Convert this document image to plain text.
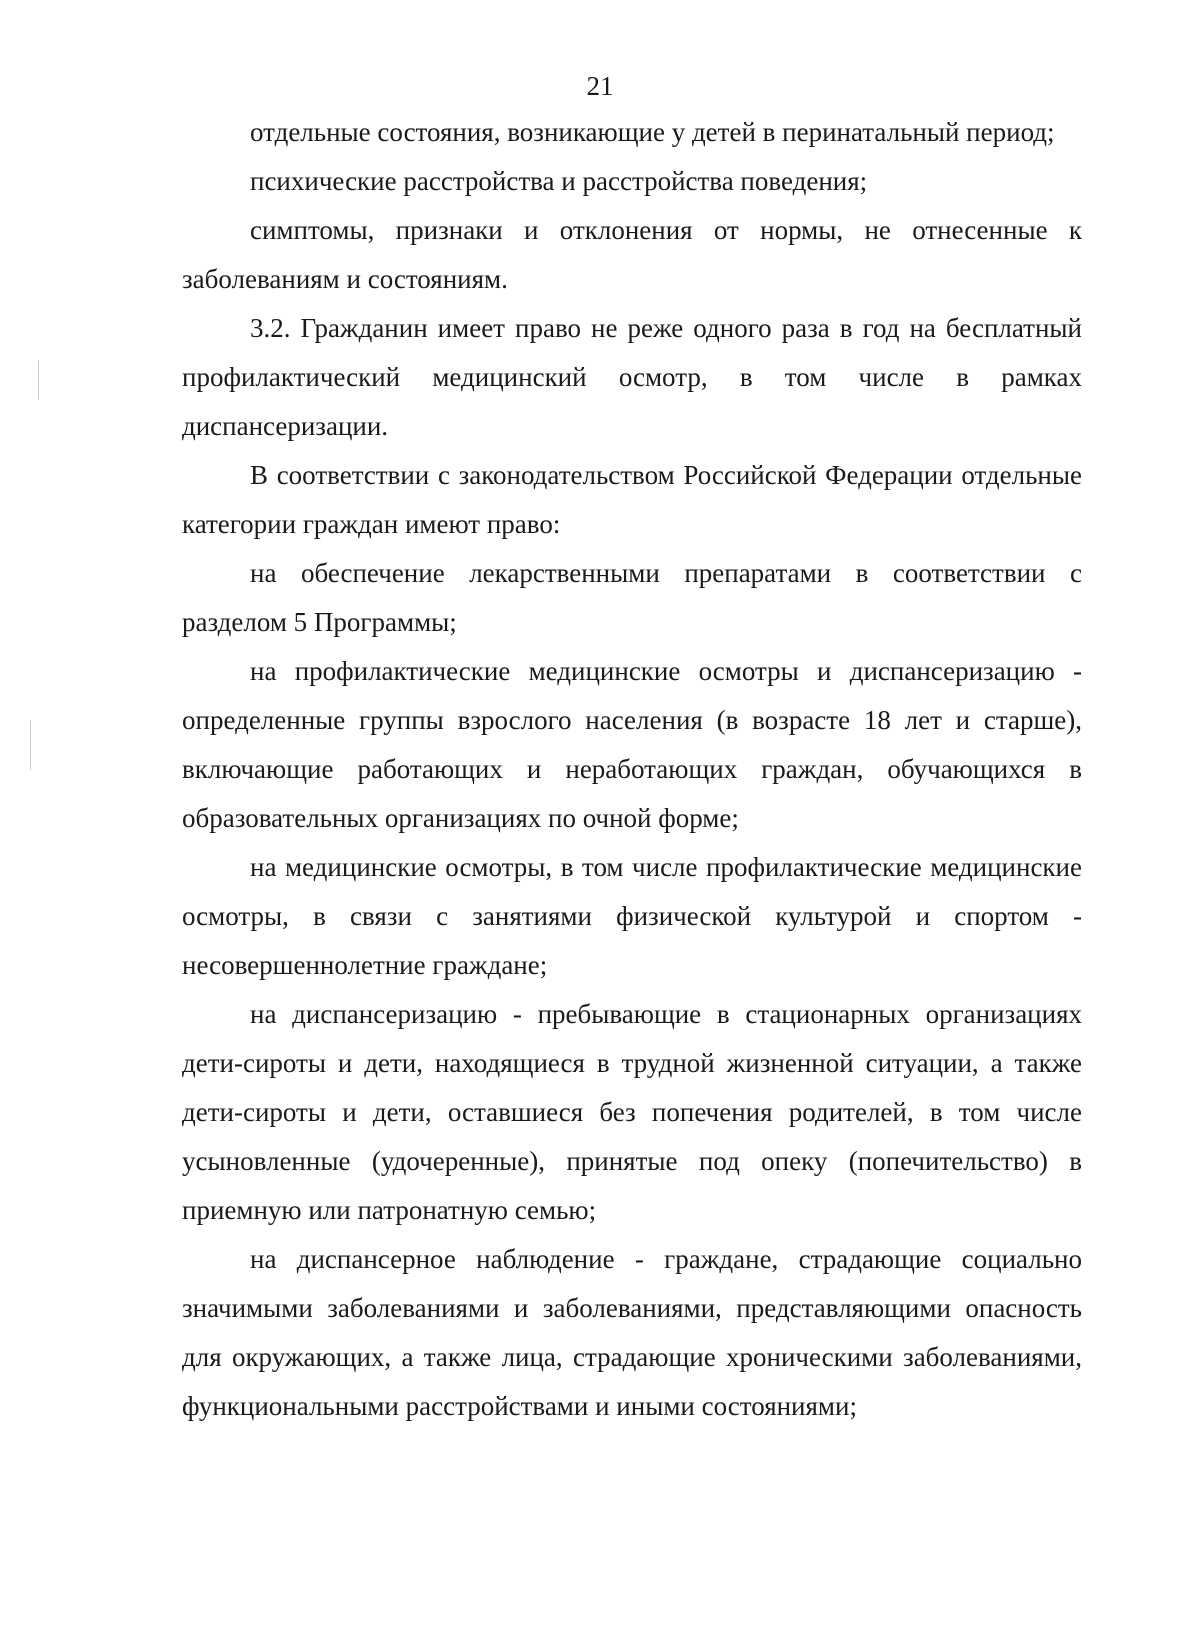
21

отдельные состояния, возникающие у детей в перинатальный период;

психические расстройства и расстройства поведения;

симптомы, признаки и отклонения от нормы, не отнесенные к заболеваниям и состояниям.

3.2. Гражданин имеет право не реже одного раза в год на бесплатный профилактический медицинский осмотр, в том числе в рамках диспансеризации.

В соответствии с законодательством Российской Федерации отдельные категории граждан имеют право:

на обеспечение лекарственными препаратами в соответствии с разделом 5 Программы;

на профилактические медицинские осмотры и диспансеризацию - определенные группы взрослого населения (в возрасте 18 лет и старше), включающие работающих и неработающих граждан, обучающихся в образовательных организациях по очной форме;

на медицинские осмотры, в том числе профилактические медицинские осмотры, в связи с занятиями физической культурой и спортом - несовершеннолетние граждане;

на диспансеризацию - пребывающие в стационарных организациях дети-сироты и дети, находящиеся в трудной жизненной ситуации, а также дети-сироты и дети, оставшиеся без попечения родителей, в том числе усыновленные (удочеренные), принятые под опеку (попечительство) в приемную или патронатную семью;

на диспансерное наблюдение - граждане, страдающие социально значимыми заболеваниями и заболеваниями, представляющими опасность для окружающих, а также лица, страдающие хроническими заболеваниями, функциональными расстройствами и иными состояниями;
